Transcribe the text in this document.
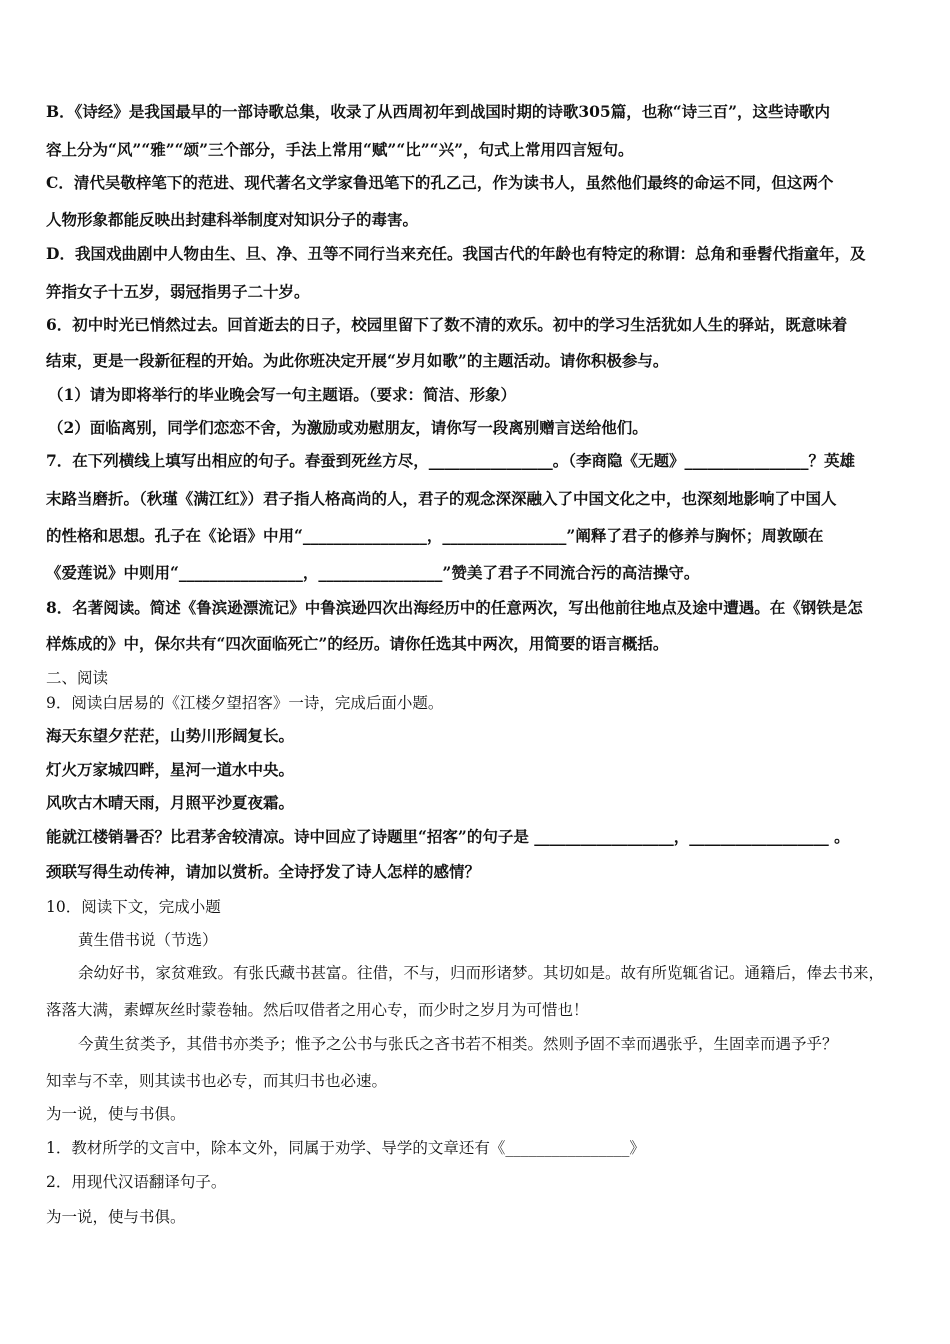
B．《诗经》是我国最早的一部诗歌总集，收录了从西周初年到战国时期的诗歌305篇，也称“诗三百”，这些诗歌内
容上分为“风”“雅”“颂”三个部分，手法上常用“赋”“比”“兴”，句式上常用四言短句。
C．清代吴敬梓笔下的范进、现代著名文学家鲁迅笔下的孔乙己，作为读书人，虽然他们最终的命运不同，但这两个
人物形象都能反映出封建科举制度对知识分子的毒害。
D．我国戏曲剧中人物由生、旦、净、丑等不同行当来充任。我国古代的年龄也有特定的称谓：总角和垂髫代指童年，及
笄指女子十五岁，弱冠指男子二十岁。
6．初中时光已悄然过去。回首逝去的日子，校园里留下了数不清的欢乐。初中的学习生活犹如人生的驿站，既意味着
结束，更是一段新征程的开始。为此你班决定开展“岁月如歌”的主题活动。请你积极参与。
（1）请为即将举行的毕业晚会写一句主题语。（要求：简洁、形象）
（2）面临离别，同学们恋恋不舍，为激励或劝慰朋友，请你写一段离别赠言送给他们。
7．在下列横线上填写出相应的句子。春蚕到死丝方尽，________________。（李商隐《无题》________________？英雄
末路当磨折。（秋瑾《满江红》）君子指人格高尚的人，君子的观念深深融入了中国文化之中，也深刻地影响了中国人
的性格和思想。孔子在《论语》中用“________________，________________”阐释了君子的修养与胸怀；周敦颐在
《爱莲说》中则用“________________，________________”赞美了君子不同流合污的高洁操守。
8．名著阅读。简述《鲁滨逊漂流记》中鲁滨逊四次出海经历中的任意两次，写出他前往地点及途中遭遇。在《钢铁是怎
样炼成的》中，保尔共有“四次面临死亡”的经历。请你任选其中两次，用简要的语言概括。
二、阅读
9．阅读白居易的《江楼夕望招客》一诗，完成后面小题。
海天东望夕茫茫，山势川形阔复长。
灯火万家城四畔，星河一道水中央。
风吹古木晴天雨，月照平沙夏夜霜。
能就江楼销暑否？比君茅舍较清凉。诗中回应了诗题里“招客”的句子是 __________________，__________________ 。
颈联写得生动传神，请加以赏析。全诗抒发了诗人怎样的感情？
10．阅读下文，完成小题
黄生借书说（节选）
余幼好书，家贫难致。有张氏藏书甚富。往借，不与，归而形诸梦。其切如是。故有所览辄省记。通籍后，俸去书来，
落落大满，素蟫灰丝时蒙卷轴。然后叹借者之用心专，而少时之岁月为可惜也！
今黄生贫类予，其借书亦类予；惟予之公书与张氏之吝书若不相类。然则予固不幸而遇张乎，生固幸而遇予乎？
知幸与不幸，则其读书也必专，而其归书也必速。
为一说，使与书俱。
1．教材所学的文言中，除本文外，同属于劝学、导学的文章还有《________________》
2．用现代汉语翻译句子。
为一说，使与书俱。
